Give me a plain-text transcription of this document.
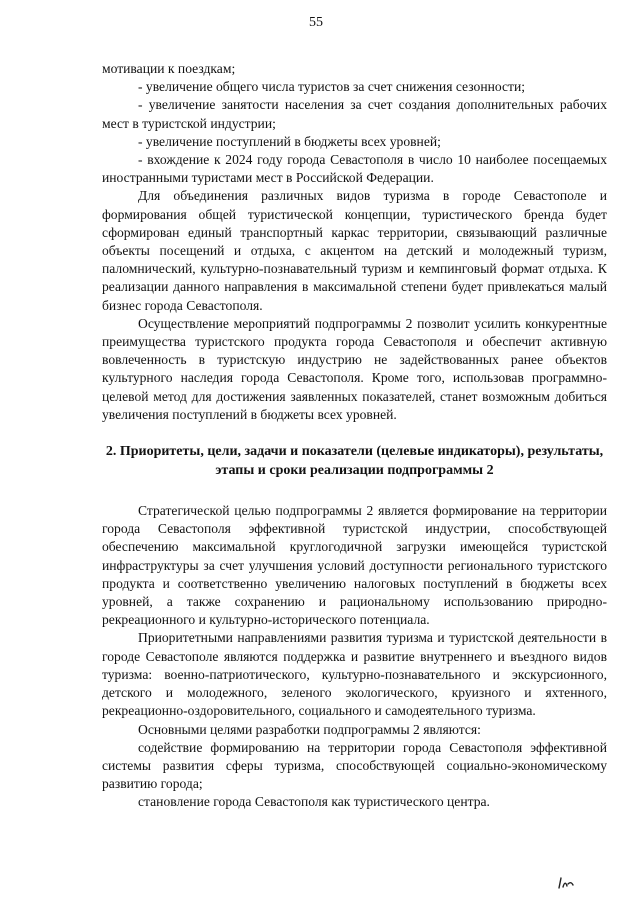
55

мотивации к поездкам;

- увеличение общего числа туристов за счет снижения сезонности;

- увеличение занятости населения за счет создания дополнительных рабочих мест в туристской индустрии;

- увеличение поступлений в бюджеты всех уровней;

- вхождение к 2024 году города Севастополя в число 10 наиболее посещаемых иностранными туристами мест в Российской Федерации.

Для объединения различных видов туризма в городе Севастополе и формирования общей туристической концепции, туристического бренда будет сформирован единый транспортный каркас территории, связывающий различные объекты посещений и отдыха, с акцентом на детский и молодежный туризм, паломнический, культурно-познавательный туризм и кемпинговый формат отдыха. К реализации данного направления в максимальной степени будет привлекаться малый бизнес города Севастополя.

Осуществление мероприятий подпрограммы 2 позволит усилить конкурентные преимущества туристского продукта города Севастополя и обеспечит активную вовлеченность в туристскую индустрию не задействованных ранее объектов культурного наследия города Севастополя. Кроме того, использовав программно-целевой метод для достижения заявленных показателей, станет возможным добиться увеличения поступлений в бюджеты всех уровней.

2. Приоритеты, цели, задачи и показатели (целевые индикаторы), результаты, этапы и сроки реализации подпрограммы 2

Стратегической целью подпрограммы 2 является формирование на территории города Севастополя эффективной туристской индустрии, способствующей обеспечению максимальной круглогодичной загрузки имеющейся туристской инфраструктуры за счет улучшения условий доступности регионального туристского продукта и соответственно увеличению налоговых поступлений в бюджеты всех уровней, а также сохранению и рациональному использованию природно-рекреационного и культурно-исторического потенциала.

Приоритетными направлениями развития туризма и туристской деятельности в городе Севастополе являются поддержка и развитие внутреннего и въездного видов туризма: военно-патриотического, культурно-познавательного и экскурсионного, детского и молодежного, зеленого экологического, круизного и яхтенного, рекреационно-оздоровительного, социального и самодеятельного туризма.

Основными целями разработки подпрограммы 2 являются:

содействие формированию на территории города Севастополя эффективной системы развития сферы туризма, способствующей социально-экономическому развитию города;

становление города Севастополя как туристического центра.
